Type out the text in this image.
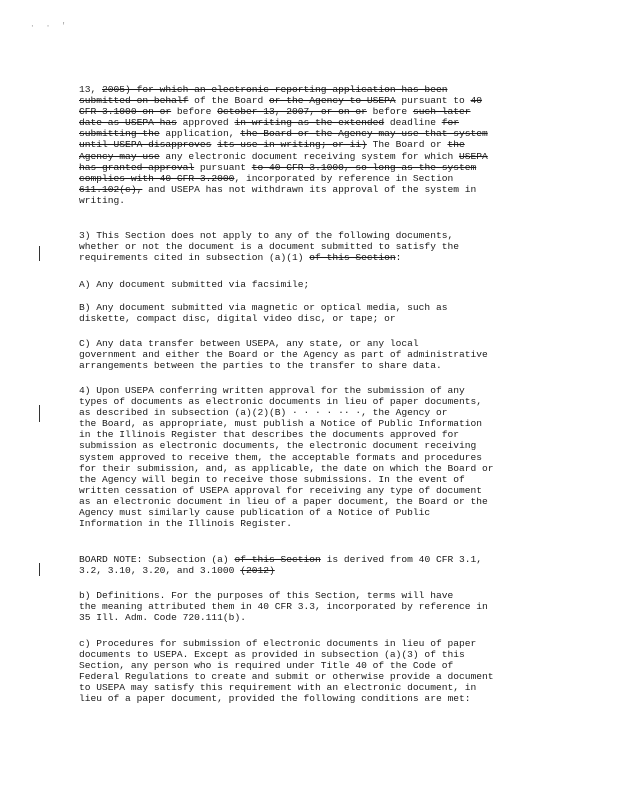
· · '
13, 2005) for which an electronic reporting application has been
submitted on behalf of the Board or the Agency to USEPA pursuant to 40
CFR 3.1000 on or before October 13, 2007, or on or before such later
date as USEPA has approved in writing as the extended deadline for
submitting the application, the Board or the Agency may use that system
until USEPA disapproves its use in writing; or ii) The Board or the
Agency may use any electronic document receiving system for which USEPA
has granted approval pursuant to 40 CFR 3.1000, so long as the system
complies with 40 CFR 3.2000, incorporated by reference in Section
611.102(c), and USEPA has not withdrawn its approval of the system in
writing.
3) This Section does not apply to any of the following documents,
whether or not the document is a document submitted to satisfy the
requirements cited in subsection (a)(1) of this Section:
A) Any document submitted via facsimile;
B) Any document submitted via magnetic or optical media, such as
diskette, compact disc, digital video disc, or tape; or
C) Any data transfer between USEPA, any state, or any local
government and either the Board or the Agency as part of administrative
arrangements between the parties to the transfer to share data.
4) Upon USEPA conferring written approval for the submission of any
types of documents as electronic documents in lieu of paper documents,
as described in subsection (a)(2)(B) · · · · ·· ·, the Agency or
the Board, as appropriate, must publish a Notice of Public Information
in the Illinois Register that describes the documents approved for
submission as electronic documents, the electronic document receiving
system approved to receive them, the acceptable formats and procedures
for their submission, and, as applicable, the date on which the Board or
the Agency will begin to receive those submissions. In the event of
written cessation of USEPA approval for receiving any type of document
as an electronic document in lieu of a paper document, the Board or the
Agency must similarly cause publication of a Notice of Public
Information in the Illinois Register.
BOARD NOTE: Subsection (a) of this Section is derived from 40 CFR 3.1,
3.2, 3.10, 3.20, and 3.1000 (2012)
b) Definitions. For the purposes of this Section, terms will have
the meaning attributed them in 40 CFR 3.3, incorporated by reference in
35 Ill. Adm. Code 720.111(b).
c) Procedures for submission of electronic documents in lieu of paper
documents to USEPA. Except as provided in subsection (a)(3) of this
Section, any person who is required under Title 40 of the Code of
Federal Regulations to create and submit or otherwise provide a document
to USEPA may satisfy this requirement with an electronic document, in
lieu of a paper document, provided the following conditions are met:
